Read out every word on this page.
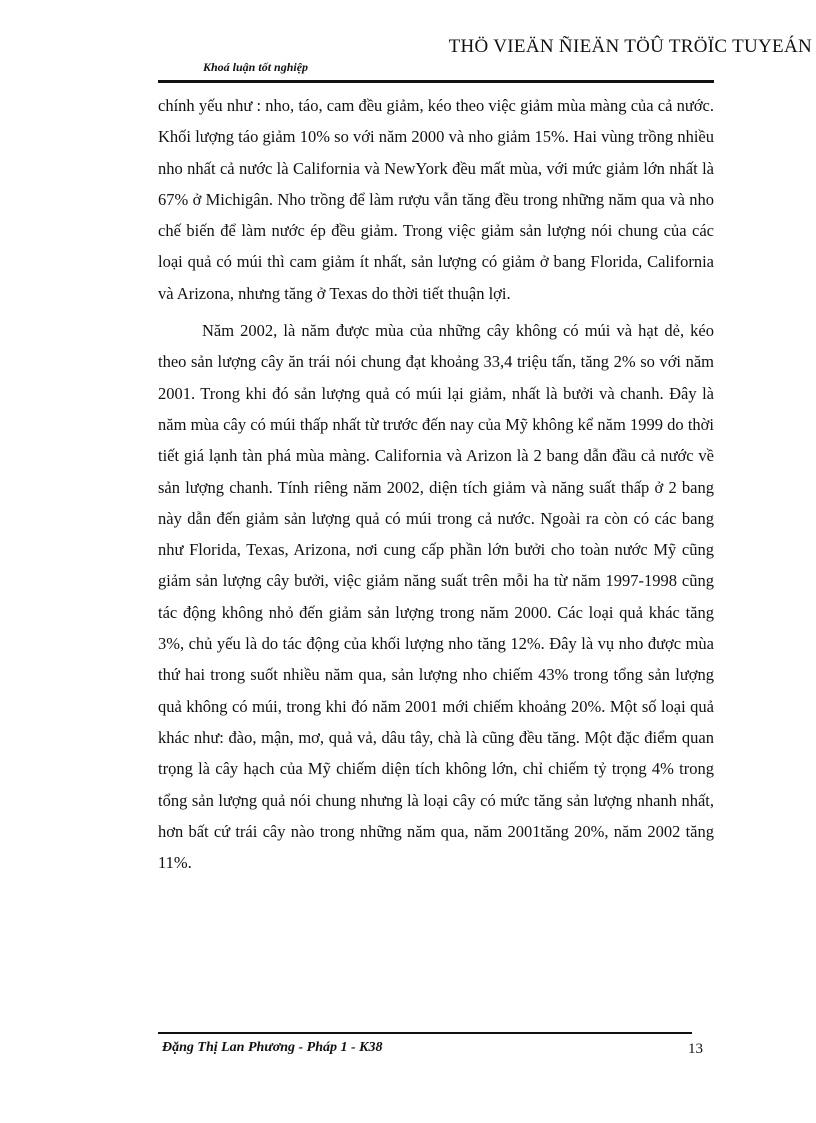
THÖ VIEÄN ÑIEÄN TÖÛ TRÖÏC TUYEÁN
Khoá luận tốt nghiệp

chính yếu như : nho, táo, cam đều giảm, kéo theo việc giảm mùa màng của cả nước. Khối lượng táo giảm 10% so với năm 2000 và nho giảm 15%. Hai vùng trồng nhiều nho nhất cả nước là California và NewYork đều mất mùa, với mức giảm lớn nhất là 67% ở Michigân. Nho trồng để làm rượu vẫn tăng đều trong những năm qua và nho chế biến để làm nước ép đều giảm. Trong việc giảm sản lượng nói chung của các loại quả có múi thì cam giảm ít nhất, sản lượng có giảm ở bang Florida, California và Arizona, nhưng tăng ở Texas do thời tiết thuận lợi.

Năm 2002, là năm được mùa của những cây không có múi và hạt dẻ, kéo theo sản lượng cây ăn trái nói chung đạt khoảng 33,4 triệu tấn, tăng 2% so với năm 2001. Trong khi đó sản lượng quả có múi lại giảm, nhất là bưởi và chanh. Đây là năm mùa cây có múi thấp nhất từ trước đến nay của Mỹ không kể năm 1999 do thời tiết giá lạnh tàn phá mùa màng. California và Arizon là 2 bang dẫn đầu cả nước về sản lượng chanh. Tính riêng năm 2002, diện tích giảm và năng suất thấp ở 2 bang này dẫn đến giảm sản lượng quả có múi trong cả nước. Ngoài ra còn có các bang như Florida, Texas, Arizona, nơi cung cấp phần lớn bưởi cho toàn nước Mỹ cũng giảm sản lượng cây bưởi, việc giảm năng suất trên mỗi ha từ năm 1997-1998 cũng tác động không nhỏ đến giảm sản lượng trong năm 2000. Các loại quả khác tăng 3%, chủ yếu là do tác động của khối lượng nho tăng 12%. Đây là vụ nho được mùa thứ hai trong suốt nhiều năm qua, sản lượng nho chiếm 43% trong tổng sản lượng quả không có múi, trong khi đó năm 2001 mới chiếm khoảng 20%. Một số loại quả khác như: đào, mận, mơ, quả vả, dâu tây, chà là cũng đều tăng. Một đặc điểm quan trọng là cây hạch của Mỹ chiếm diện tích không lớn, chỉ chiếm tỷ trọng 4% trong tổng sản lượng quả nói chung nhưng là loại cây có mức tăng sản lượng nhanh nhất, hơn bất cứ trái cây nào trong những năm qua, năm 2001tăng 20%, năm 2002 tăng 11%.

Đặng Thị Lan Phương - Pháp 1 - K38	13
